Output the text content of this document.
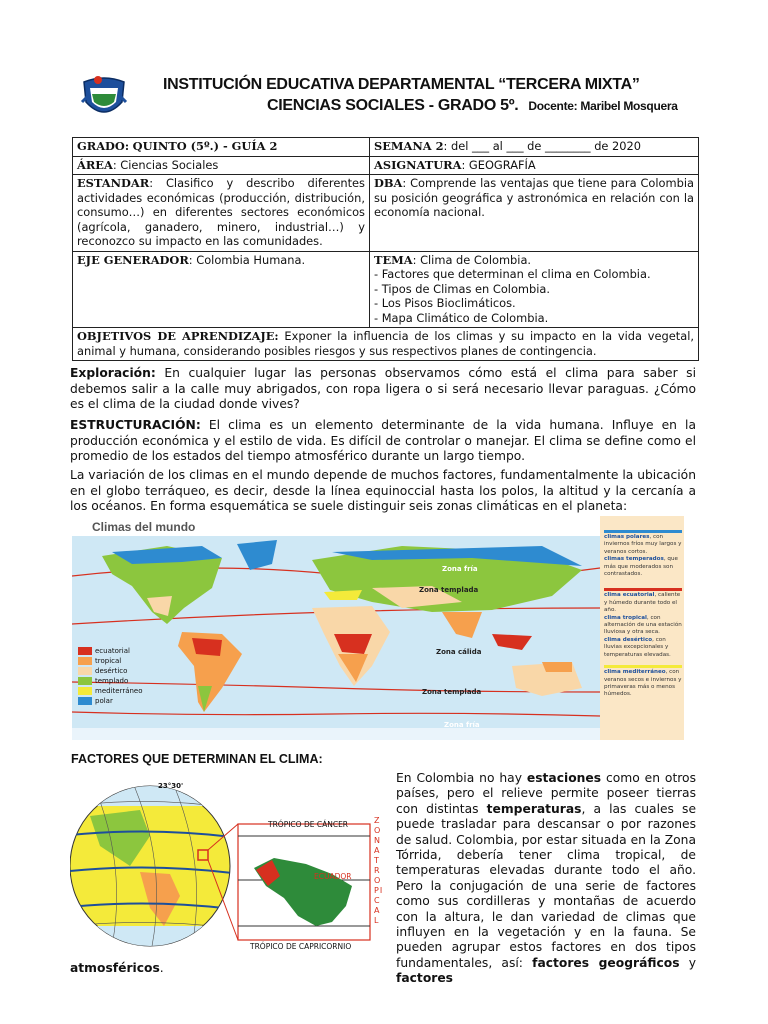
INSTITUCIÓN EDUCATIVA DEPARTAMENTAL “TERCERA MIXTA”
CIENCIAS SOCIALES - GRADO 5º. Docente: Maribel Mosquera
GRADO: QUINTO (5º.) - GUÍA 2	SEMANA 2: del ___ al ___ de ________ de 2020
ÁREA: Ciencias Sociales	ASIGNATURA: GEOGRAFÍA
ESTANDAR: Clasifico y describo diferentes actividades económicas (producción, distribución, consumo…) en diferentes sectores económicos (agrícola, ganadero, minero, industrial…) y reconozco su impacto en las comunidades.	DBA: Comprende las ventajas que tiene para Colombia su posición geográfica y astronómica en relación con la economía nacional.
EJE GENERADOR: Colombia Humana.	TEMA: Clima de Colombia.
- Factores que determinan el clima en Colombia.
- Tipos de Climas en Colombia.
- Los Pisos Bioclimáticos.
- Mapa Climático de Colombia.

OBJETIVOS DE APRENDIZAJE: Exponer la influencia de los climas y su impacto en la vida vegetal, animal y humana, considerando posibles riesgos y sus respectivos planes de contingencia.	
Exploración: En cualquier lugar las personas observamos cómo está el clima para saber si debemos salir a la calle muy abrigados, con ropa ligera o si será necesario llevar paraguas. ¿Cómo es el clima de la ciudad donde vives?
ESTRUCTURACIÓN: El clima es un elemento determinante de la vida humana. Influye en la producción económica y el estilo de vida. Es difícil de controlar o manejar. El clima se define como el promedio de los estados del tiempo atmosférico durante un largo tiempo.
La variación de los climas en el mundo depende de muchos factores, fundamentalmente la ubicación en el globo terráqueo, es decir, desde la línea equinoccial hasta los polos, la altitud y la cercanía a los océanos. En forma esquemática se suele distinguir seis zonas climáticas en el planeta:
Climas del mundo
Zona fría
Zona templada
Zona cálida
Zona templada
Zona fría
ecuatorial
tropical
desértico
templado
mediterráneo
polar
climas polares, con inviernos fríos muy largos y veranos cortos.
climas temperados, que más que moderados son contrastados.
clima ecuatorial, caliente y húmedo durante todo el año.
clima tropical, con alternación de una estación lluviosa y otra seca.
clima desértico, con lluvias excepcionales y temperaturas elevadas.
clima mediterráneo, con veranos secos e inviernos y primaveras más o menos húmedos.
FACTORES QUE DETERMINAN EL CLIMA:
23°30'
TRÓPICO DE CÁNCER
ECUADOR
TRÓPICO DE CAPRICORNIO
ZONA TROPICAL
En Colombia no hay estaciones como en otros países, pero el relieve permite poseer tierras con distintas temperaturas, a las cuales se puede trasladar para descansar o por razones de salud. Colombia, por estar situada en la Zona Tórrida, debería tener clima tropical, de temperaturas elevadas durante todo el año. Pero la conjugación de una serie de factores como sus cordilleras y montañas de acuerdo con la altura, le dan variedad de climas que influyen en la vegetación y en la fauna. Se pueden agrupar estos factores en dos tipos fundamentales, así: factores geográficos y factores
atmosféricos.
